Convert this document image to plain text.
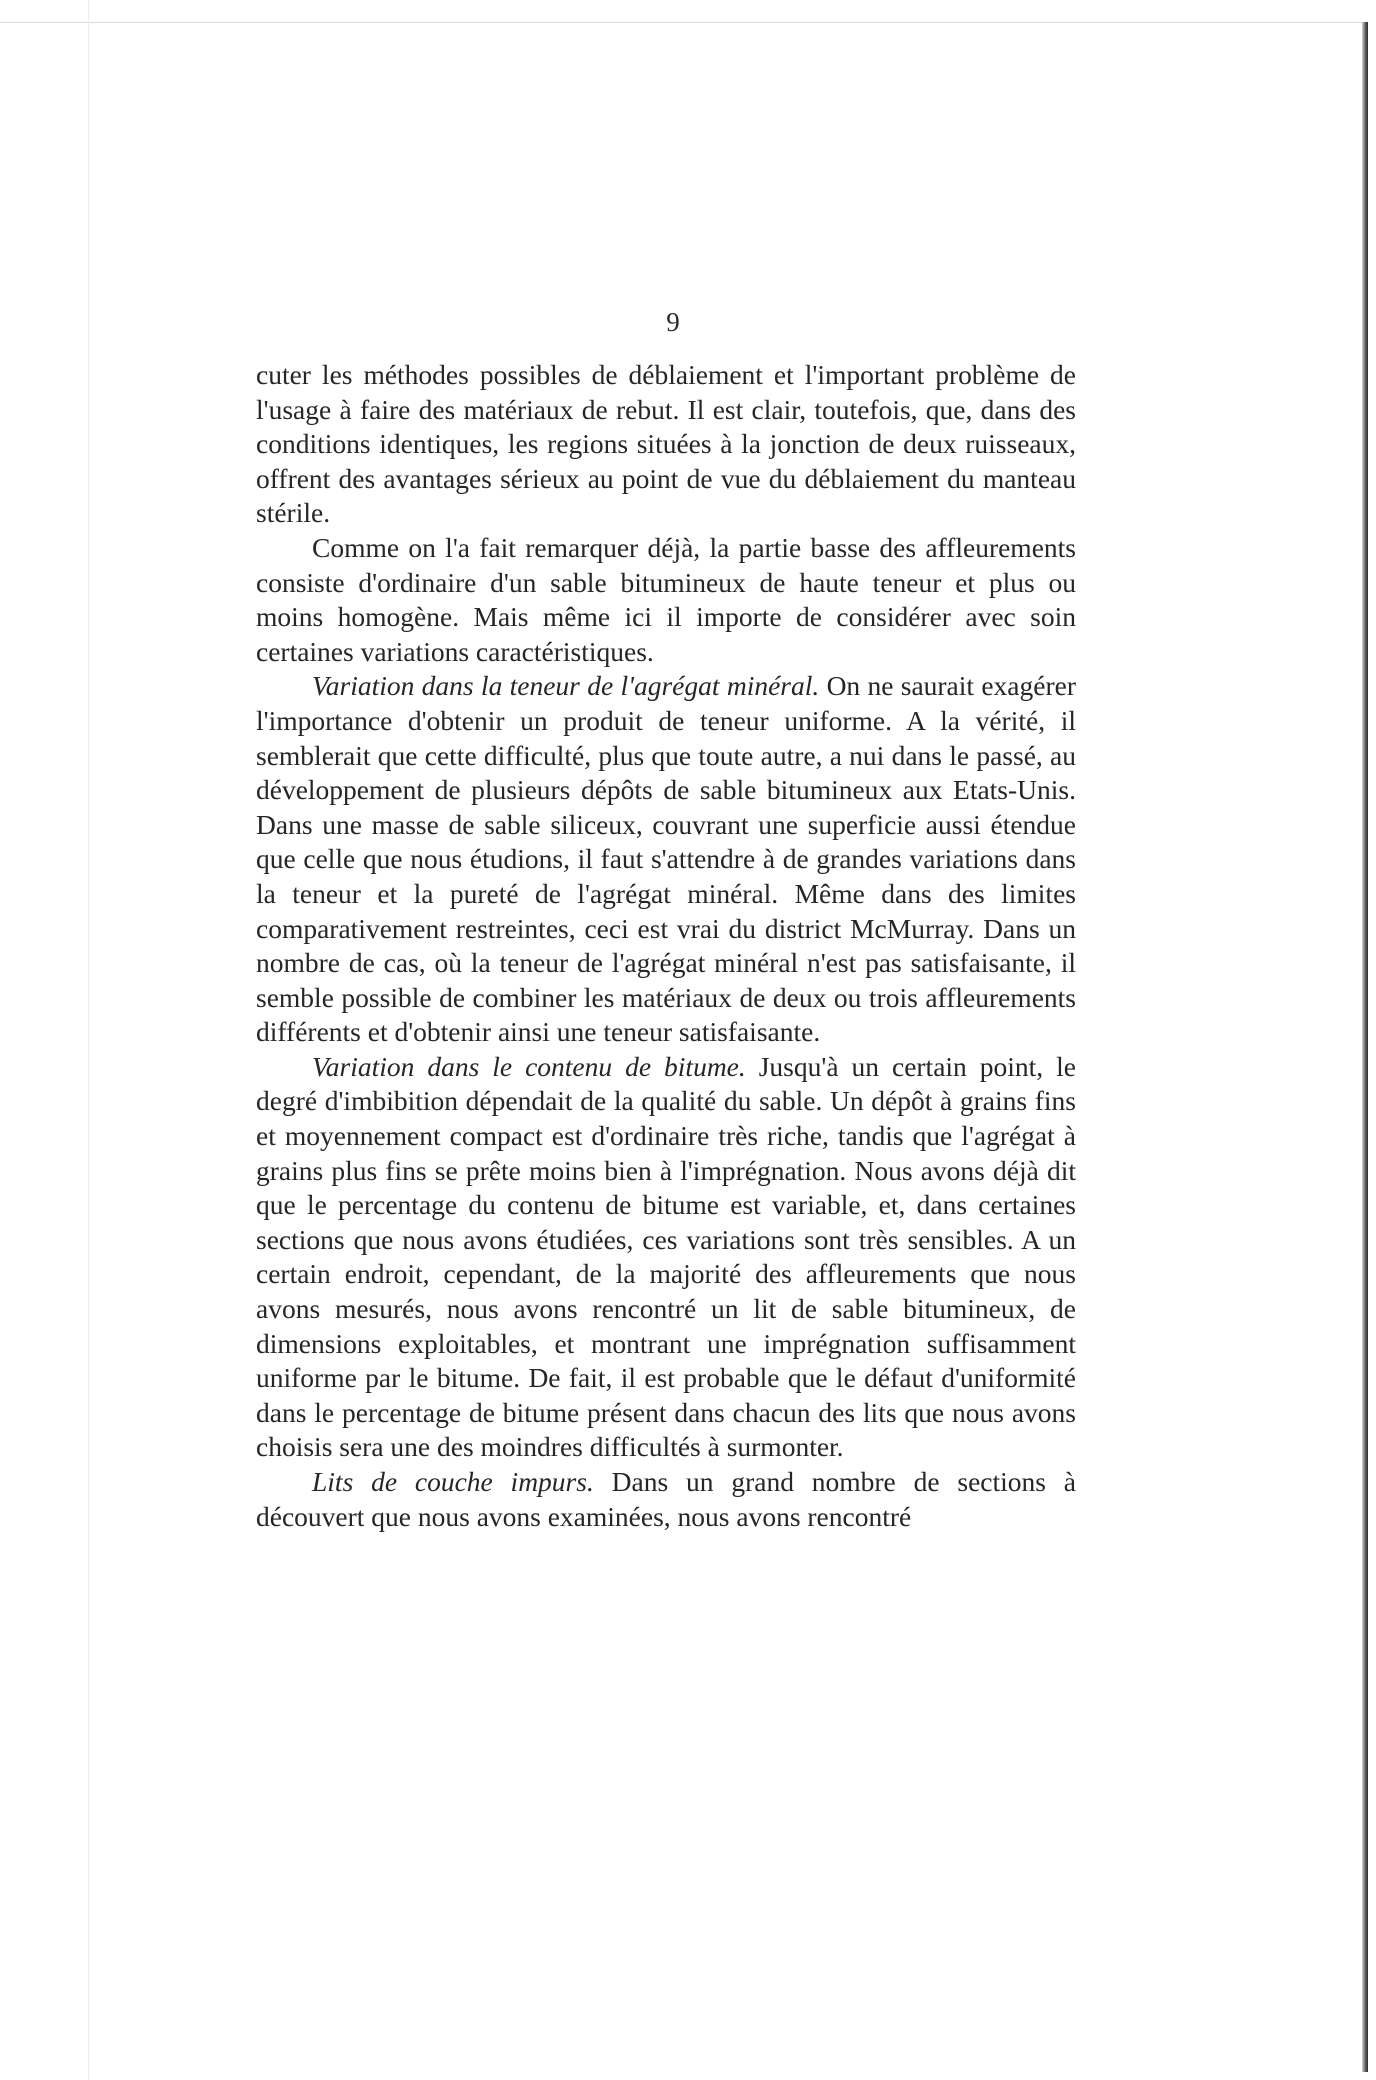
9

cuter les méthodes possibles de déblaiement et l'important problème de l'usage à faire des matériaux de rebut. Il est clair, toutefois, que, dans des conditions identiques, les regions situées à la jonction de deux ruisseaux, offrent des avantages sérieux au point de vue du déblaiement du manteau stérile.

Comme on l'a fait remarquer déjà, la partie basse des affleurements consiste d'ordinaire d'un sable bitumineux de haute teneur et plus ou moins homogène. Mais même ici il importe de considérer avec soin certaines variations caractéristiques.

Variation dans la teneur de l'agrégat minéral. On ne saurait exagérer l'importance d'obtenir un produit de teneur uniforme. A la vérité, il semblerait que cette difficulté, plus que toute autre, a nui dans le passé, au développement de plusieurs dépôts de sable bitumineux aux Etats-Unis. Dans une masse de sable siliceux, couvrant une superficie aussi étendue que celle que nous étudions, il faut s'attendre à de grandes variations dans la teneur et la pureté de l'agrégat minéral. Même dans des limites comparativement restreintes, ceci est vrai du district McMurray. Dans un nombre de cas, où la teneur de l'agrégat minéral n'est pas satisfaisante, il semble possible de combiner les matériaux de deux ou trois affleurements différents et d'obtenir ainsi une teneur satisfaisante.

Variation dans le contenu de bitume. Jusqu'à un certain point, le degré d'imbibition dépendait de la qualité du sable. Un dépôt à grains fins et moyennement compact est d'ordinaire très riche, tandis que l'agrégat à grains plus fins se prête moins bien à l'imprégnation. Nous avons déjà dit que le percentage du contenu de bitume est variable, et, dans certaines sections que nous avons étudiées, ces variations sont très sensibles. A un certain endroit, cependant, de la majorité des affleurements que nous avons mesurés, nous avons rencontré un lit de sable bitumineux, de dimensions exploitables, et montrant une imprégnation suffisamment uniforme par le bitume. De fait, il est probable que le défaut d'uniformité dans le percentage de bitume présent dans chacun des lits que nous avons choisis sera une des moindres difficultés à surmonter.

Lits de couche impurs. Dans un grand nombre de sections à découvert que nous avons examinées, nous avons rencontré
